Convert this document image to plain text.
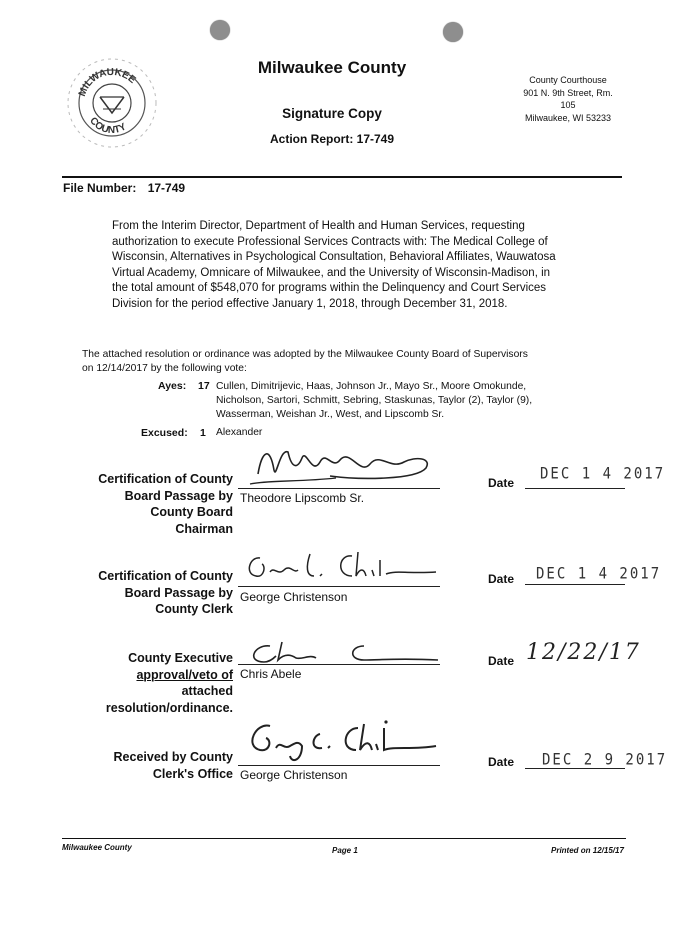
MILWAUKEE
COUNTY
Milwaukee County
Signature Copy
Action Report: 17-749
County Courthouse
901 N. 9th Street, Rm.
105
Milwaukee, WI 53233
File Number: 17-749
From the Interim Director, Department of Health and Human Services, requesting
authorization to execute Professional Services Contracts with: The Medical College of
Wisconsin, Alternatives in Psychological Consultation, Behavioral Affiliates, Wauwatosa
Virtual Academy, Omnicare of Milwaukee, and the University of Wisconsin-Madison, in
the total amount of $548,070 for programs within the Delinquency and Court Services
Division for the period effective January 1, 2018, through December 31, 2018.
The attached resolution or ordinance was adopted by the Milwaukee County Board of Supervisors
on 12/14/2017 by the following vote:
Ayes: 17 Cullen, Dimitrijevic, Haas, Johnson Jr., Mayo Sr., Moore Omokunde,
Nicholson, Sartori, Schmitt, Sebring, Staskunas, Taylor (2), Taylor (9),
Wasserman, Weishan Jr., West, and Lipscomb Sr.
Excused: 1 Alexander
Certification of County
Board Passage by
County Board
Chairman
Theodore Lipscomb Sr.
Date DEC 1 4 2017
Certification of County
Board Passage by
County Clerk
George Christenson
Date DEC 1 4 2017
County Executive
approval/veto of
attached
resolution/ordinance.
Chris Abele
Date 12/22/17
Received by County
Clerk's Office George Christenson
Date DEC 2 9 2017
Milwaukee County	Page 1	Printed on 12/15/17
